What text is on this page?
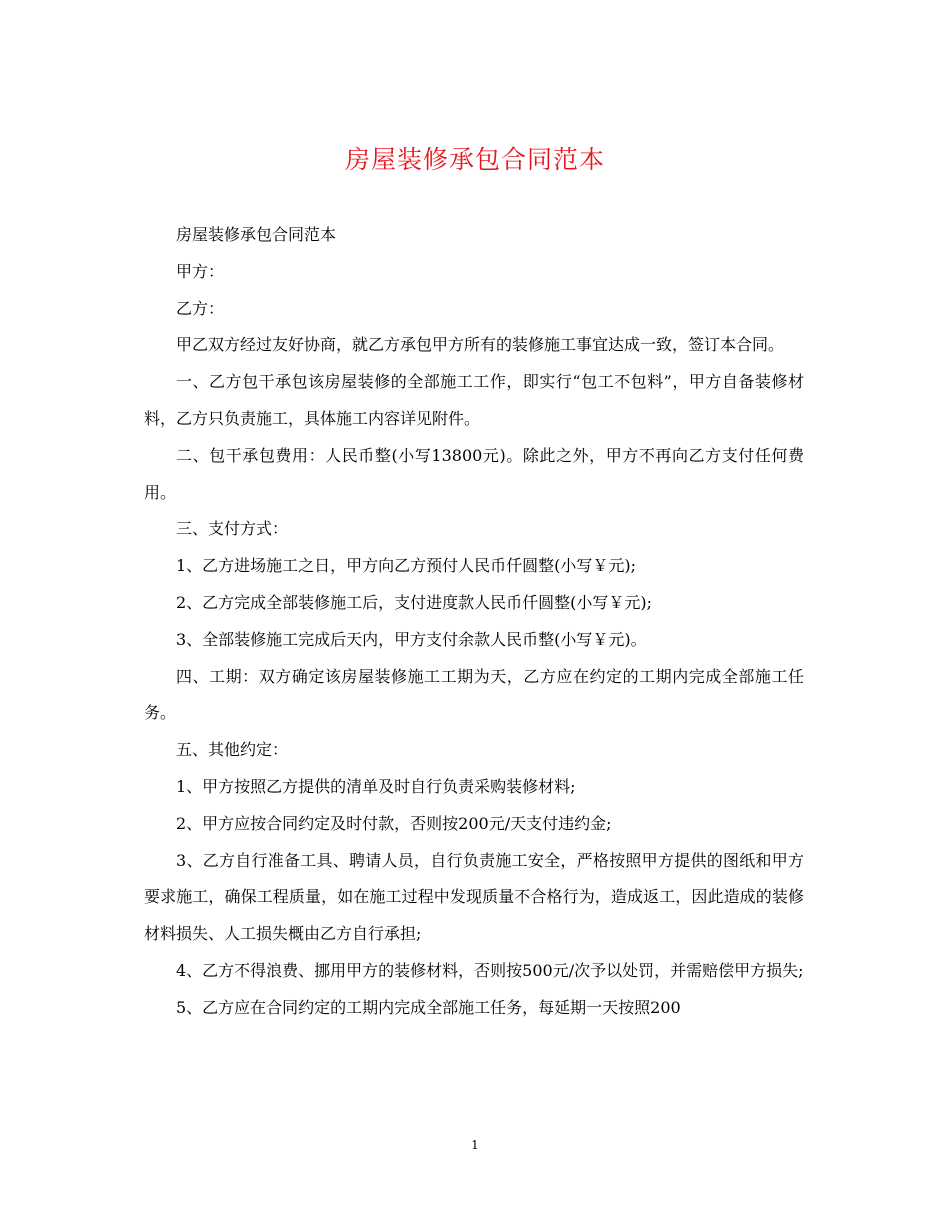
房屋装修承包合同范本

房屋装修承包合同范本

甲方：

乙方：

甲乙双方经过友好协商，就乙方承包甲方所有的装修施工事宜达成一致，签订本合同。

一、乙方包干承包该房屋装修的全部施工工作，即实行“包工不包料”，甲方自备装修材料，乙方只负责施工，具体施工内容详见附件。

二、包干承包费用：人民币整(小写13800元)。除此之外，甲方不再向乙方支付任何费用。

三、支付方式：

1、乙方进场施工之日，甲方向乙方预付人民币仟圆整(小写￥元);

2、乙方完成全部装修施工后，支付进度款人民币仟圆整(小写￥元);

3、全部装修施工完成后天内，甲方支付余款人民币整(小写￥元)。

四、工期：双方确定该房屋装修施工工期为天，乙方应在约定的工期内完成全部施工任务。

五、其他约定：

1、甲方按照乙方提供的清单及时自行负责采购装修材料;

2、甲方应按合同约定及时付款，否则按200元/天支付违约金;

3、乙方自行准备工具、聘请人员，自行负责施工安全，严格按照甲方提供的图纸和甲方要求施工，确保工程质量，如在施工过程中发现质量不合格行为，造成返工，因此造成的装修材料损失、人工损失概由乙方自行承担;

4、乙方不得浪费、挪用甲方的装修材料，否则按500元/次予以处罚，并需赔偿甲方损失;

5、乙方应在合同约定的工期内完成全部施工任务，每延期一天按照200

1
